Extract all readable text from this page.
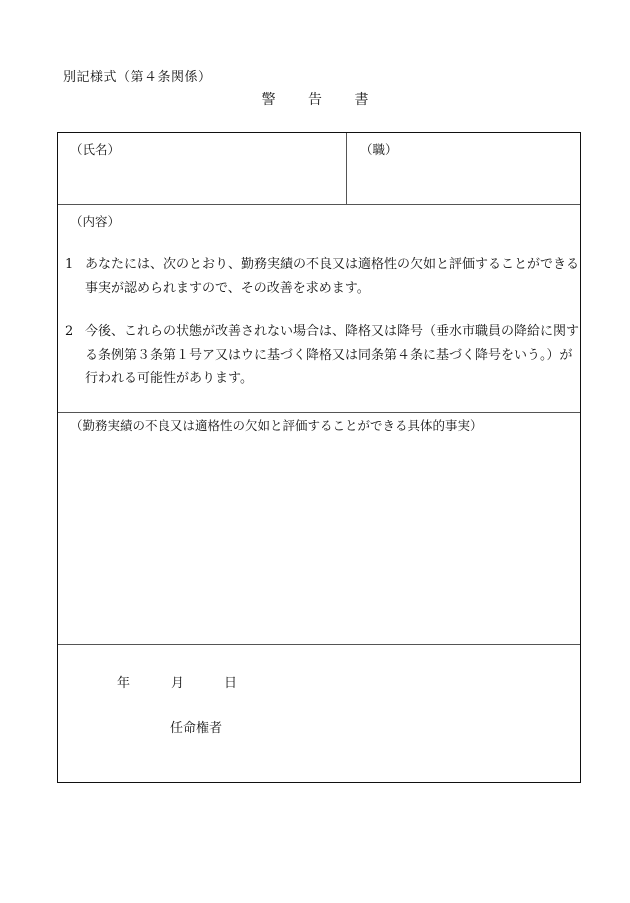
別記様式（第４条関係）
警 告 書
（氏名）	（職）
（内容）
1 あなたには、次のとおり、勤務実績の不良又は適格性の欠如と評価することができる事実が認められますので、その改善を求めます。
2 今後、これらの状態が改善されない場合は、降格又は降号（垂水市職員の降給に関する条例第３条第１号ア又はウに基づく降格又は同条第４条に基づく降号をいう。）が行われる可能性があります。
（勤務実績の不良又は適格性の欠如と評価することができる具体的事実）
年	月	日
任命権者
